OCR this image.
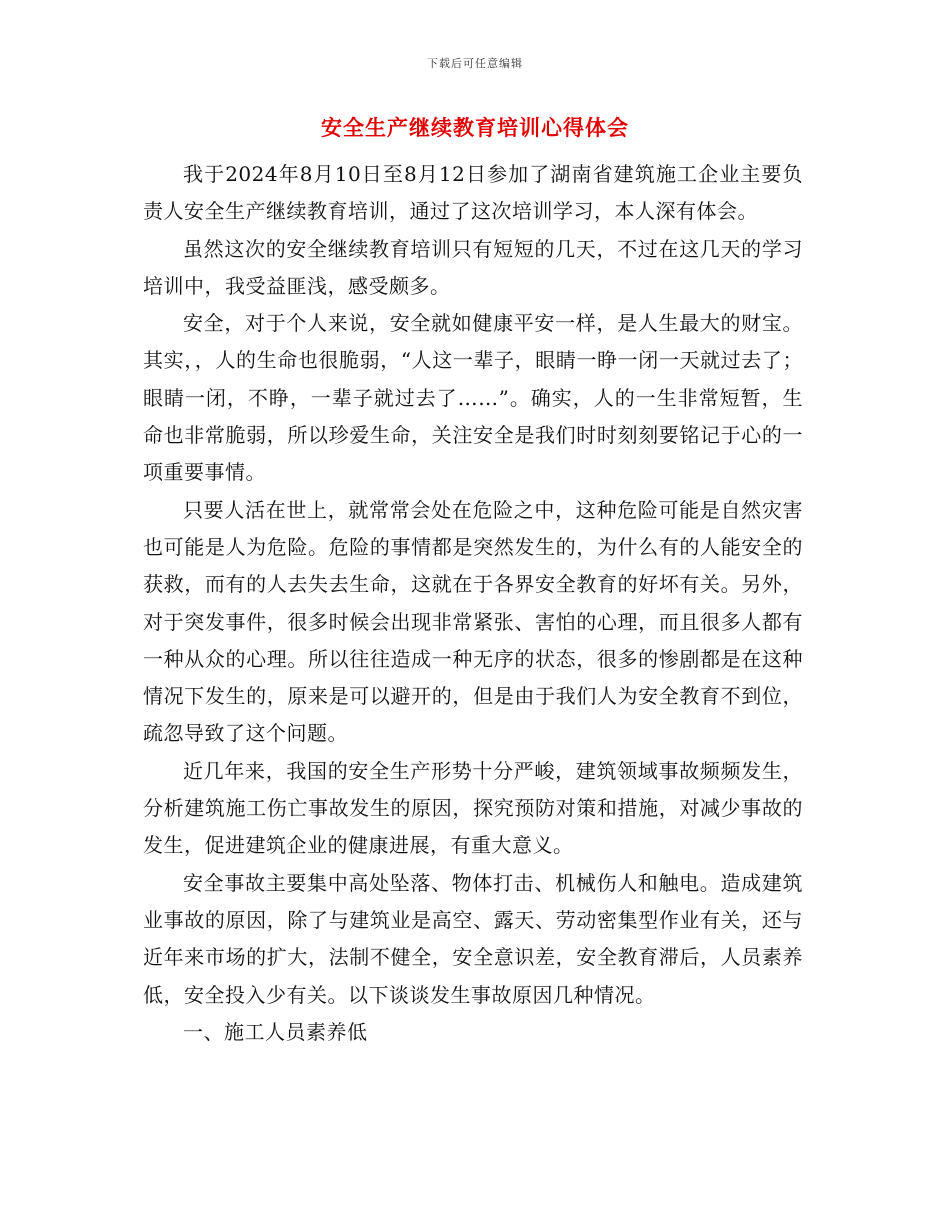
下载后可任意编辑
安全生产继续教育培训心得体会

我于2024年8月10日至8月12日参加了湖南省建筑施工企业主要负责人安全生产继续教育培训，通过了这次培训学习，本人深有体会。

虽然这次的安全继续教育培训只有短短的几天，不过在这几天的学习培训中，我受益匪浅，感受颇多。

安全，对于个人来说，安全就如健康平安一样，是人生最大的财宝。其实，，人的生命也很脆弱，“人这一辈子，眼睛一睁一闭一天就过去了；眼睛一闭，不睁，一辈子就过去了……”。确实，人的一生非常短暂，生命也非常脆弱，所以珍爱生命，关注安全是我们时时刻刻要铭记于心的一项重要事情。

只要人活在世上，就常常会处在危险之中，这种危险可能是自然灾害也可能是人为危险。危险的事情都是突然发生的，为什么有的人能安全的获救，而有的人去失去生命，这就在于各界安全教育的好坏有关。另外，对于突发事件，很多时候会出现非常紧张、害怕的心理，而且很多人都有一种从众的心理。所以往往造成一种无序的状态，很多的惨剧都是在这种情况下发生的，原来是可以避开的，但是由于我们人为安全教育不到位，疏忽导致了这个问题。

近几年来，我国的安全生产形势十分严峻，建筑领域事故频频发生，分析建筑施工伤亡事故发生的原因，探究预防对策和措施，对减少事故的发生，促进建筑企业的健康进展，有重大意义。

安全事故主要集中高处坠落、物体打击、机械伤人和触电。造成建筑业事故的原因，除了与建筑业是高空、露天、劳动密集型作业有关，还与近年来市场的扩大，法制不健全，安全意识差，安全教育滞后，人员素养低，安全投入少有关。以下谈谈发生事故原因几种情况。

一、施工人员素养低
